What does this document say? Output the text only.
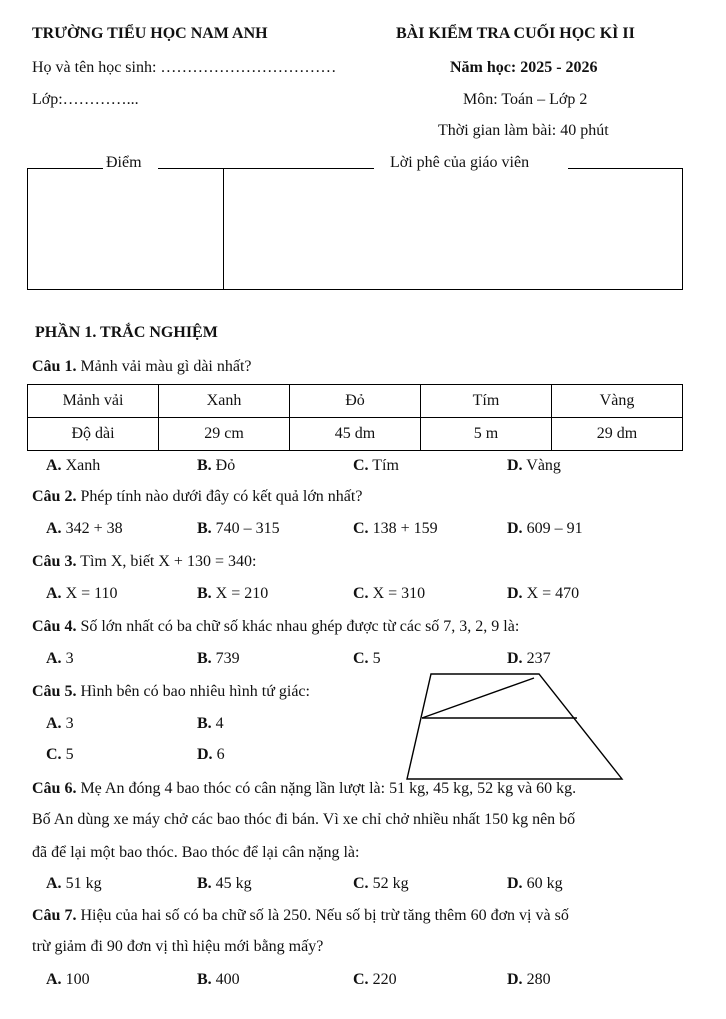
TRƯỜNG TIỂU HỌC NAM ANH	BÀI KIỂM TRA CUỐI HỌC KÌ II
Họ và tên học sinh: ……………………………	Năm học: 2025 - 2026
Lớp:…………...	Môn: Toán – Lớp 2
Thời gian làm bài: 40 phút
Điểm	Lời phê của giáo viên
PHẦN 1. TRẮC NGHIỆM
Câu 1. Mảnh vải màu gì dài nhất?
Mảnh vải	Xanh	Đỏ	Tím	Vàng
Độ dài	29 cm	45 dm	5 m	29 dm
A. Xanh	B. Đỏ	C. Tím	D. Vàng
Câu 2. Phép tính nào dưới đây có kết quả lớn nhất?
A. 342 + 38	B. 740 – 315	C. 138 + 159	D. 609 – 91
Câu 3. Tìm X, biết X + 130 = 340:
A. X = 110	B. X = 210	C. X = 310	D. X = 470
Câu 4. Số lớn nhất có ba chữ số khác nhau ghép được từ các số 7, 3, 2, 9 là:
A. 3	B. 739	C. 5	D. 237
Câu 5. Hình bên có bao nhiêu hình tứ giác:
A. 3	B. 4
C. 5	D. 6
Câu 6. Mẹ An đóng 4 bao thóc có cân nặng lần lượt là: 51 kg, 45 kg, 52 kg và 60 kg.
Bố An dùng xe máy chở các bao thóc đi bán. Vì xe chỉ chở nhiều nhất 150 kg nên bố
đã để lại một bao thóc. Bao thóc để lại cân nặng là:
A. 51 kg	B. 45 kg	C. 52 kg	D. 60 kg
Câu 7. Hiệu của hai số có ba chữ số là 250. Nếu số bị trừ tăng thêm 60 đơn vị và số
trừ giảm đi 90 đơn vị thì hiệu mới bằng mấy?
A. 100	B. 400	C. 220	D. 280
